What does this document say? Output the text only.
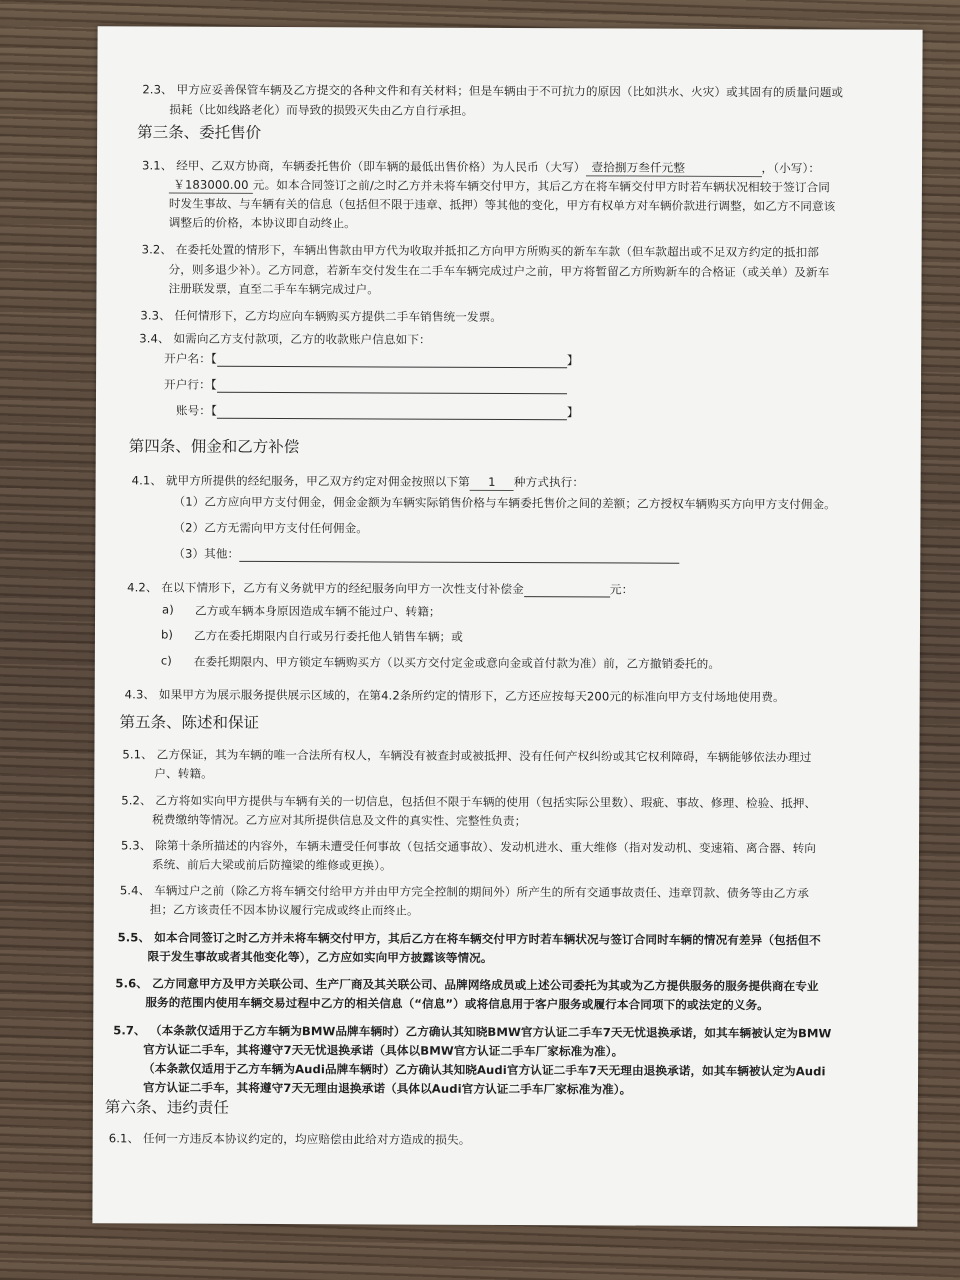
2.3、 甲方应妥善保管车辆及乙方提交的各种文件和有关材料；但是车辆由于不可抗力的原因（比如洪水、火灾）或其固有的质量问题或
损耗（比如线路老化）而导致的损毁灭失由乙方自行承担。
第三条、委托售价
3.1、 经甲、乙双方协商，车辆委托售价（即车辆的最低出售价格）为人民币（大写） 壹拾捌万叁仟元整	，（小写）：
￥183000.00 元。如本合同签订之前/之时乙方并未将车辆交付甲方，其后乙方在将车辆交付甲方时若车辆状况相较于签订合同
时发生事故、与车辆有关的信息（包括但不限于违章、抵押）等其他的变化，甲方有权单方对车辆价款进行调整，如乙方不同意该
调整后的价格，本协议即自动终止。
3.2、 在委托处置的情形下，车辆出售款由甲方代为收取并抵扣乙方向甲方所购买的新车车款（但车款超出或不足双方约定的抵扣部
分，则多退少补）。乙方同意，若新车交付发生在二手车车辆完成过户之前，甲方将暂留乙方所购新车的合格证（或关单）及新车
注册联发票，直至二手车车辆完成过户。
3.3、 任何情形下，乙方均应向车辆购买方提供二手车销售统一发票。
3.4、 如需向乙方支付款项，乙方的收款账户信息如下：
开户名：【	】
开户行：【
账号：【	】
第四条、佣金和乙方补偿
4.1、 就甲方所提供的经纪服务，甲乙双方约定对佣金按照以下第 1 种方式执行：
（1）乙方应向甲方支付佣金，佣金金额为车辆实际销售价格与车辆委托售价之间的差额；乙方授权车辆购买方向甲方支付佣金。
（2）乙方无需向甲方支付任何佣金。
（3）其他：
4.2、 在以下情形下，乙方有义务就甲方的经纪服务向甲方一次性支付补偿金	元：
a) 乙方或车辆本身原因造成车辆不能过户、转籍；
b) 乙方在委托期限内自行或另行委托他人销售车辆；或
c) 在委托期限内、甲方锁定车辆购买方（以买方交付定金或意向金或首付款为准）前，乙方撤销委托的。
4.3、 如果甲方为展示服务提供展示区域的，在第4.2条所约定的情形下，乙方还应按每天200元的标准向甲方支付场地使用费。
第五条、陈述和保证
5.1、 乙方保证，其为车辆的唯一合法所有权人，车辆没有被查封或被抵押、没有任何产权纠纷或其它权利障碍，车辆能够依法办理过
户、转籍。
5.2、 乙方将如实向甲方提供与车辆有关的一切信息，包括但不限于车辆的使用（包括实际公里数）、瑕疵、事故、修理、检验、抵押、
税费缴纳等情况。乙方应对其所提供信息及文件的真实性、完整性负责；
5.3、 除第十条所描述的内容外，车辆未遭受任何事故（包括交通事故）、发动机进水、重大维修（指对发动机、变速箱、离合器、转向
系统、前后大梁或前后防撞梁的维修或更换）。
5.4、 车辆过户之前（除乙方将车辆交付给甲方并由甲方完全控制的期间外）所产生的所有交通事故责任、违章罚款、债务等由乙方承
担；乙方该责任不因本协议履行完成或终止而终止。
5.5、 如本合同签订之时乙方并未将车辆交付甲方，其后乙方在将车辆交付甲方时若车辆状况与签订合同时车辆的情况有差异（包括但不
限于发生事故或者其他变化等），乙方应如实向甲方披露该等情况。
5.6、 乙方同意甲方及甲方关联公司、生产厂商及其关联公司、品牌网络成员或上述公司委托为其或为乙方提供服务的服务提供商在专业
服务的范围内使用车辆交易过程中乙方的相关信息（“信息”）或将信息用于客户服务或履行本合同项下的或法定的义务。
5.7、 （本条款仅适用于乙方车辆为BMW品牌车辆时）乙方确认其知晓BMW官方认证二手车7天无忧退换承诺，如其车辆被认定为BMW
官方认证二手车，其将遵守7天无忧退换承诺（具体以BMW官方认证二手车厂家标准为准）。
（本条款仅适用于乙方车辆为Audi品牌车辆时）乙方确认其知晓Audi官方认证二手车7天无理由退换承诺，如其车辆被认定为Audi
官方认证二手车，其将遵守7天无理由退换承诺（具体以Audi官方认证二手车厂家标准为准）。
第六条、违约责任
6.1、 任何一方违反本协议约定的，均应赔偿由此给对方造成的损失。
